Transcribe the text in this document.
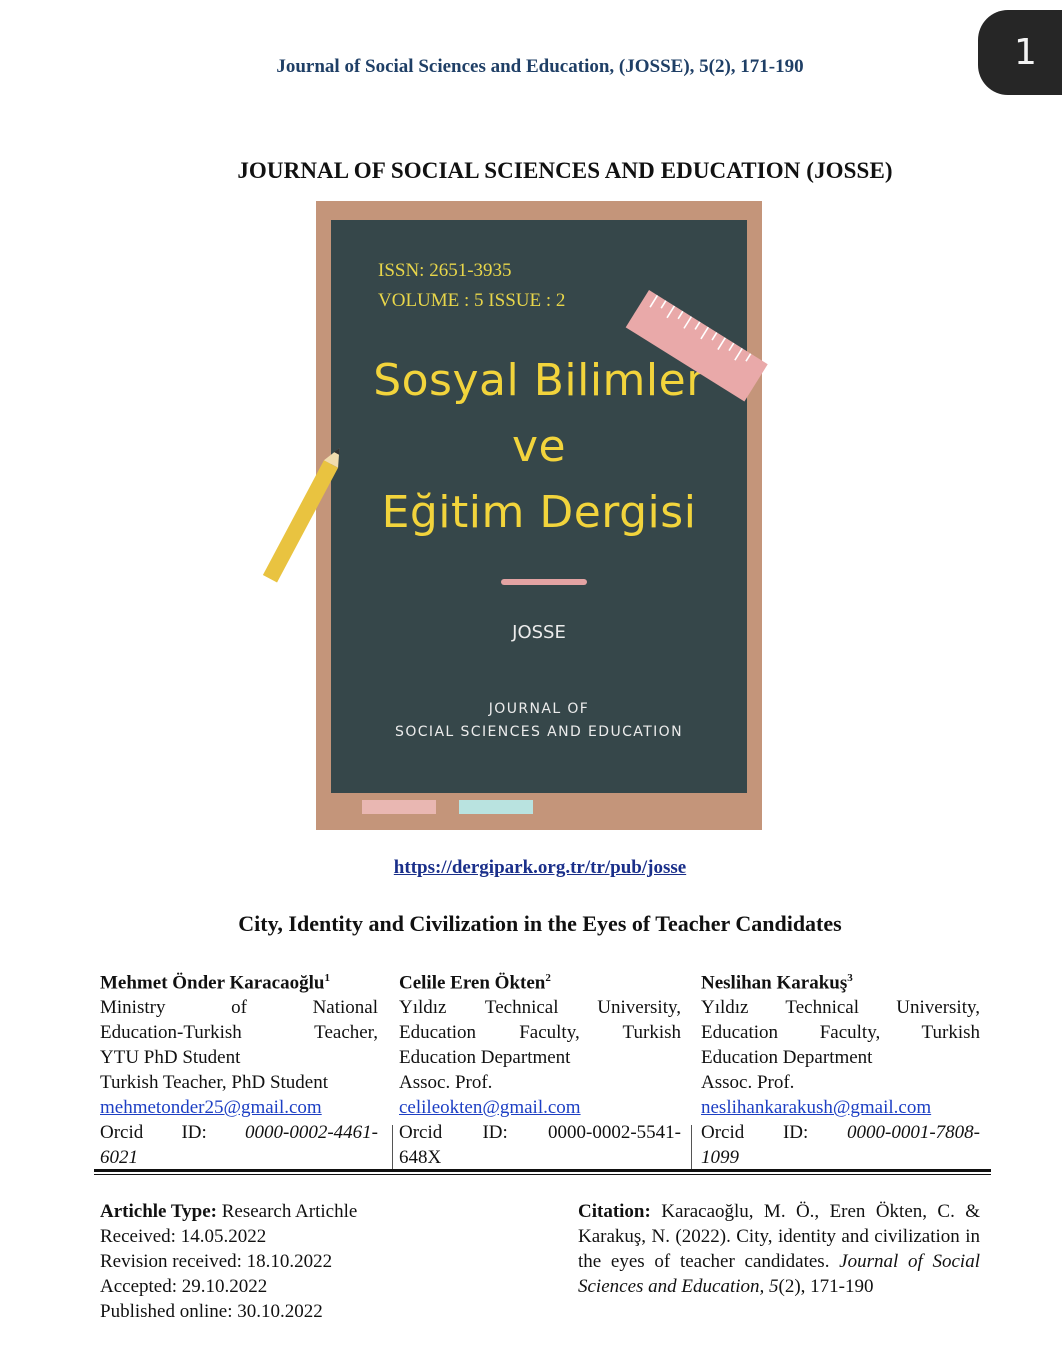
Journal of Social Sciences and Education, (JOSSE), 5(2), 171-190	1
JOURNAL OF SOCIAL SCIENCES AND EDUCATION (JOSSE)
ISSN: 2651-3935
VOLUME : 5 ISSUE : 2
Sosyal Bilimler
ve
Eğitim Dergisi
JOSSE
JOURNAL OF
SOCIAL SCIENCES AND EDUCATION
https://dergipark.org.tr/tr/pub/josse
City, Identity and Civilization in the Eyes of Teacher Candidates
Mehmet Önder Karacaoğlu$^1$
Ministry of National
Education-Turkish Teacher,
YTU PhD Student
Turkish Teacher, PhD Student
mehmetonder25@gmail.com
Orcid ID: 0000-0002-4461-
6021
Celile Eren Ökten$^2$
Yıldız Technical University,
Education Faculty, Turkish
Education Department
Assoc. Prof.
celileokten@gmail.com
Orcid ID: 0000-0002-5541-
648X
Neslihan Karakuş$^3$
Yıldız Technical University,
Education Faculty, Turkish
Education Department
Assoc. Prof.
neslihankarakush@gmail.com
Orcid ID: 0000-0001-7808-
1099
Artichle Type: Research Artichle
Received: 14.05.2022
Revision received: 18.10.2022
Accepted: 29.10.2022
Published online: 30.10.2022
Citation: Karacaoğlu, M. Ö., Eren Ökten, C. & Karakuş, N. (2022). City, identity and civilization in the eyes of teacher candidates. Journal of Social Sciences and Education, 5(2), 171-190
